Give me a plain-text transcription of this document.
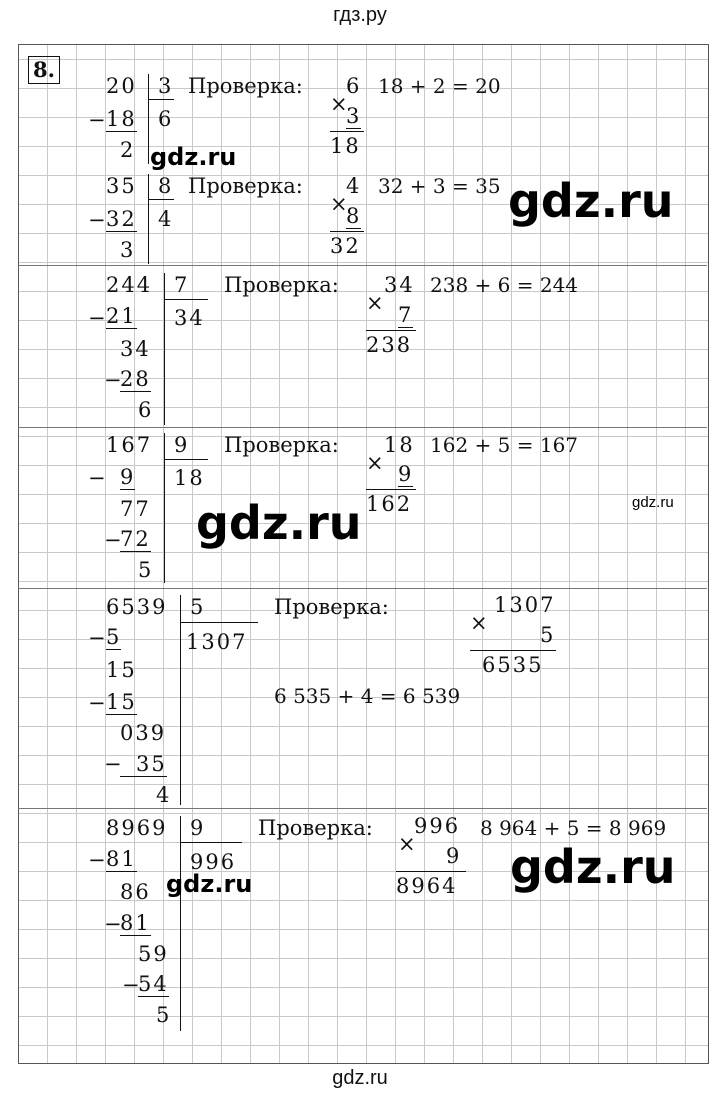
гдз.ру
8.
20 3
6
− 18
2
Проверка: 6
×
3
18
18 + 2 = 20
35 8
4
− 32
3
Проверка: 4
×
8
32
32 + 3 = 35
244 7
34
− 21
34
−
28
6
Проверка: 34
× 7
238
238 + 6 = 244
167 9
18
− 9
77
−
72
5
Проверка: 18
× 9
162
162 + 5 = 167
6539 5
1307
− 5
15
− 15
039
− 35
4
Проверка:	1307
× 5
6535
6 535 + 4 = 6 539
8969 9
996
− 81
86
−
81
59
−
54
5
Проверка: 996
× 9
8964
8 964 + 5 = 8 969
gdz.ru
gdz.ru
gdz.ru	gdz.ru
gdz.ru	gdz.ru
gdz.ru
